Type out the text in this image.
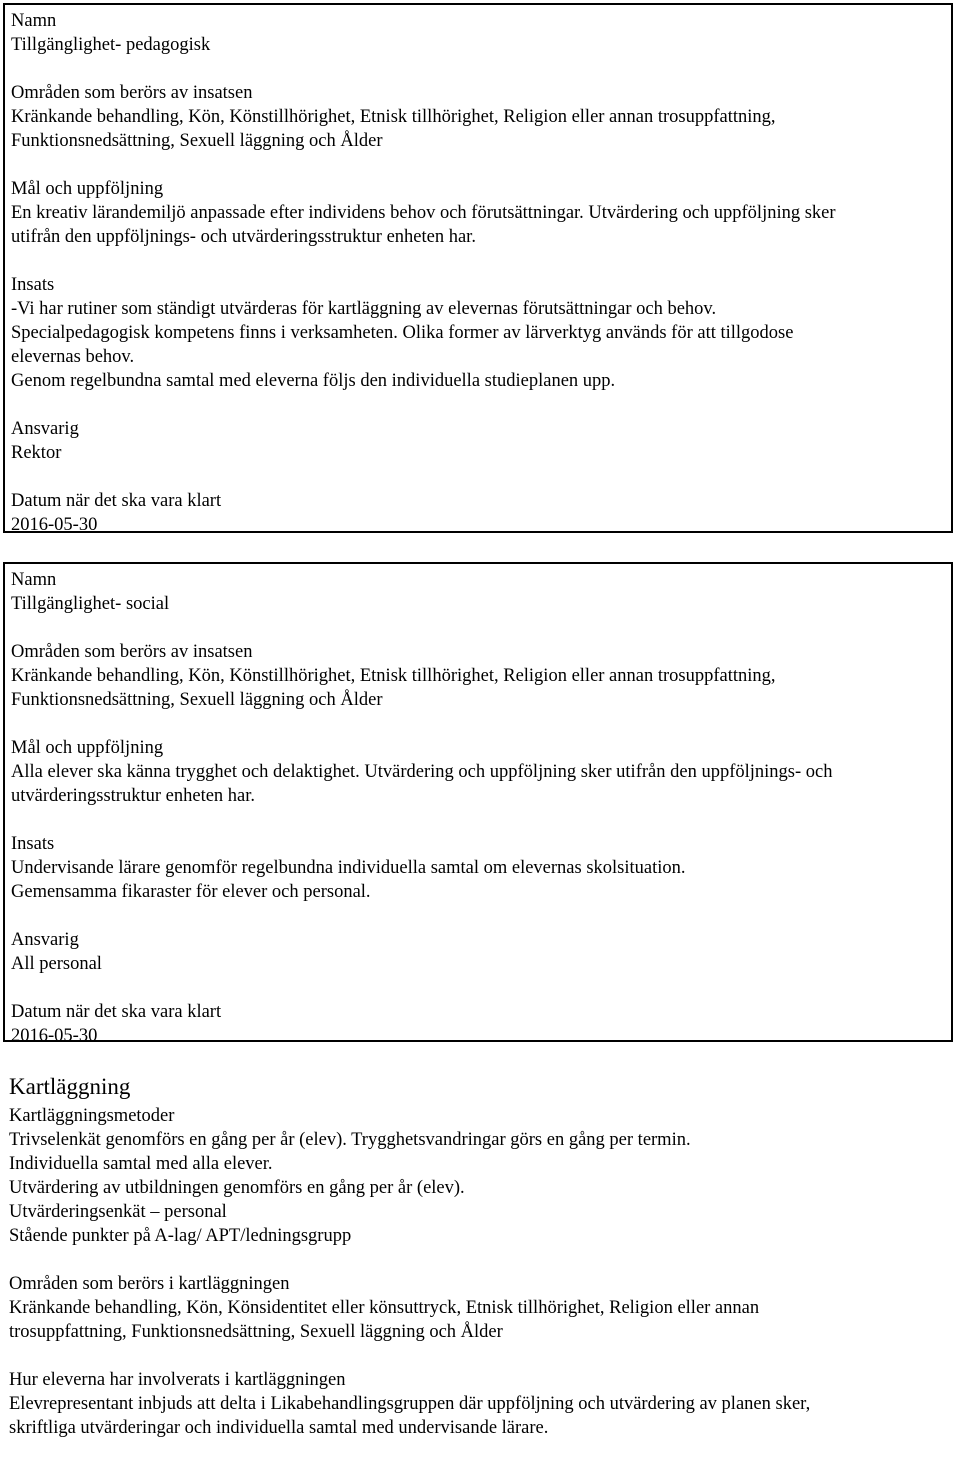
Namn
Tillgänglighet- pedagogisk
Områden som berörs av insatsen

Kränkande behandling, Kön, Könstillhörighet, Etnisk tillhörighet, Religion eller annan trosuppfattning,

Funktionsnedsättning, Sexuell läggning och Ålder

Mål och uppföljning

En kreativ lärandemiljö anpassade efter individens behov och förutsättningar. Utvärdering och uppföljning sker

utifrån den uppföljnings- och utvärderingsstruktur enheten har.

Insats

-Vi har rutiner som ständigt utvärderas för kartläggning av elevernas förutsättningar och behov.

Specialpedagogisk kompetens finns i verksamheten. Olika former av lärverktyg används för att tillgodose

elevernas behov.

Genom regelbundna samtal med eleverna följs den individuella studieplanen upp.

Ansvarig
Rektor
Datum när det ska vara klart
2016-05-30
Namn
Tillgänglighet- social
Områden som berörs av insatsen

Kränkande behandling, Kön, Könstillhörighet, Etnisk tillhörighet, Religion eller annan trosuppfattning,

Funktionsnedsättning, Sexuell läggning och Ålder

Mål och uppföljning

Alla elever ska känna trygghet och delaktighet. Utvärdering och uppföljning sker utifrån den uppföljnings- och

utvärderingsstruktur enheten har.

Insats

Undervisande lärare genomför regelbundna individuella samtal om elevernas skolsituation.

Gemensamma fikaraster för elever och personal.

Ansvarig
All personal
Datum när det ska vara klart
2016-05-30
Kartläggning
Kartläggningsmetoder

Trivselenkät genomförs en gång per år (elev). Trygghetsvandringar görs en gång per termin.

Individuella samtal med alla elever.

Utvärdering av utbildningen genomförs en gång per år (elev).

Utvärderingsenkät – personal

Stående punkter på A-lag/ APT/ledningsgrupp

Områden som berörs i kartläggningen

Kränkande behandling, Kön, Könsidentitet eller könsuttryck, Etnisk tillhörighet, Religion eller annan

trosuppfattning, Funktionsnedsättning, Sexuell läggning och Ålder

Hur eleverna har involverats i kartläggningen

Elevrepresentant inbjuds att delta i Likabehandlingsgruppen där uppföljning och utvärdering av planen sker,

skriftliga utvärderingar och individuella samtal med undervisande lärare.
